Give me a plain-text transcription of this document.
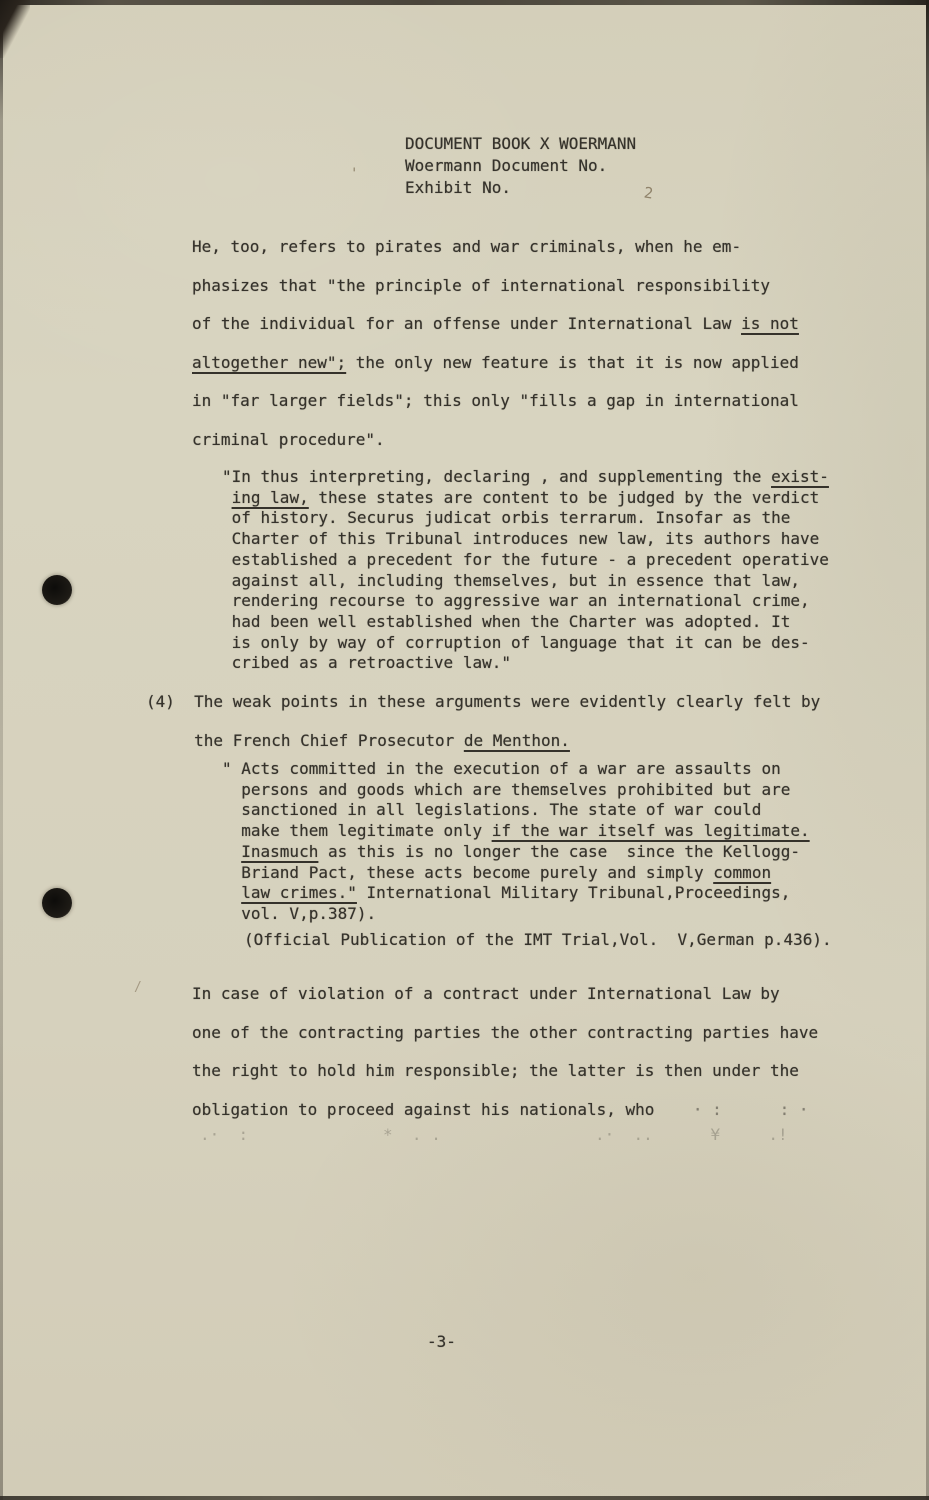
DOCUMENT BOOK X WOERMANN
Woermann Document No.
Exhibit No.
He, too, refers to pirates and war criminals, when he em-
phasizes that "the principle of international responsibility
of the individual for an offense under International Law is not
altogether new"; the only new feature is that it is now applied
in "far larger fields"; this only "fills a gap in international
criminal procedure".
"In thus interpreting, declaring , and supplementing the exist-
ing law, these states are content to be judged by the verdict
of history. Securus judicat orbis terrarum. Insofar as the
Charter of this Tribunal introduces new law, its authors have
established a precedent for the future - a precedent operative
against all, including themselves, but in essence that law,
rendering recourse to aggressive war an international crime,
had been well established when the Charter was adopted. It
is only by way of corruption of language that it can be des-
cribed as a retroactive law."
(4)  The weak points in these arguments were evidently clearly felt by
the French Chief Prosecutor de Menthon.
" Acts committed in the execution of a war are assaults on
persons and goods which are themselves prohibited but are
sanctioned in all legislations. The state of war could
make them legitimate only if the war itself was legitimate.
Inasmuch as this is no longer the case  since the Kellogg-
Briand Pact, these acts become purely and simply common
law crimes." International Military Tribunal,Proceedings,
vol. V,p.387).
(Official Publication of the IMT Trial,Vol.  V,German p.436).
In case of violation of a contract under International Law by
one of the contracting parties the other contracting parties have
the right to hold him responsible; the latter is then under the
obligation to proceed against his nationals, who    · :      : ·
.·  :              *  . .                .·  ..      ¥     .!
-3-
2
'
/
